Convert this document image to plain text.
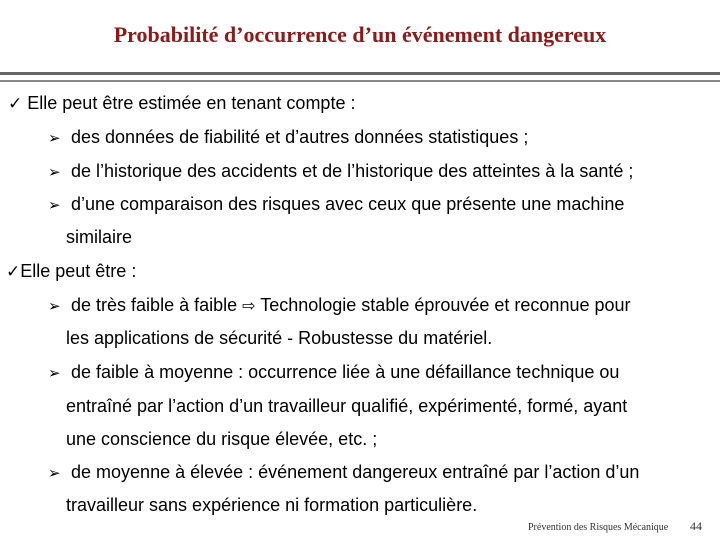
Probabilité d’occurrence d’un événement dangereux
✓ Elle peut être estimée en tenant compte :
➢ des données de fiabilité et d’autres données statistiques ;
➢ de l’historique des accidents et de l’historique des atteintes à la santé ;
➢ d’une comparaison des risques avec ceux que présente une machine
similaire
✓Elle peut être :
➢ de très faible à faible ⇨ Technologie stable éprouvée et reconnue pour
les applications de sécurité - Robustesse du matériel.
➢ de faible à moyenne : occurrence liée à une défaillance technique ou
entraîné par l’action d’un travailleur qualifié, expérimenté, formé, ayant
une conscience du risque élevée, etc. ;
➢ de moyenne à élevée : événement dangereux entraîné par l’action d’un
travailleur sans expérience ni formation particulière.
Prévention des Risques Mécanique 44
